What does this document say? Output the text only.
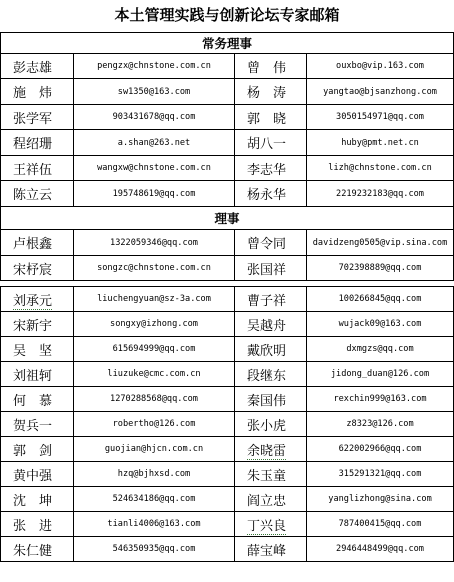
本土管理实践与创新论坛专家邮箱
常务理事			
彭志雄	pengzx@chnstone.com.cn	曾　伟	ouxbo@vip.163.com
施　炜	sw1350@163.com	杨　涛	yangtao@bjsanzhong.com
张学军	903431678@qq.com	郭　晓	3050154971@qq.com
程绍珊	a.shan@263.net	胡八一	huby@pmt.net.cn
王祥伍	wangxw@chnstone.com.cn	李志华	lizh@chnstone.com.cn
陈立云	195748619@qq.com	杨永华	2219232183@qq.com
理事			
卢根鑫	1322059346@qq.com	曾令同	davidzeng0505@vip.sina.com
宋杼宸	songzc@chnstone.com.cn	张国祥	702398889@qq.com

刘承元	liuchengyuan@sz-3a.com	曹子祥	100266845@qq.com
宋新宇	songxy@izhong.com	吴越舟	wujack09@163.com
吴　坚	615694999@qq.com	戴欣明	dxmgzs@qq.com
刘祖轲	liuzuke@cmc.com.cn	段继东	jidong_duan@126.com
何　慕	1270288568@qq.com	秦国伟	rexchin999@163.com
贺兵一	robertho@126.com	张小虎	z8323@126.com
郭　剑	guojian@hjcn.com.cn	余晓雷	622002966@qq.com
黄中强	hzq@bjhxsd.com	朱玉童	315291321@qq.com
沈　坤	524634186@qq.com	阎立忠	yanglizhong@sina.com
张　进	tianli4006@163.com	丁兴良	787400415@qq.com
朱仁健	546350935@qq.com	薛宝峰	2946448499@qq.com
